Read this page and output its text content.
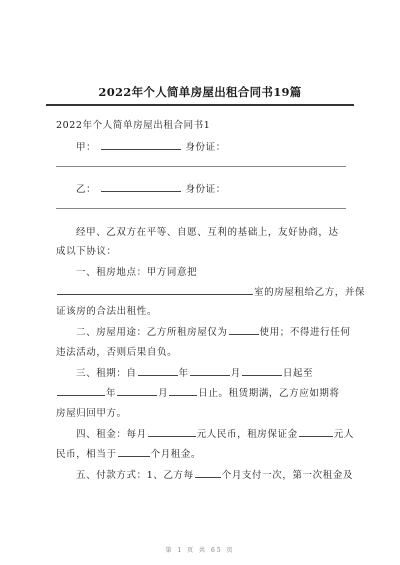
2022年个人简单房屋出租合同书19篇
2022年个人简单房屋出租合同书1
甲：	身份证：
乙：	身份证：
经甲、乙双方在平等、自愿、互利的基础上，友好协商，达
成以下协议：
一、租房地点：甲方同意把
室的房屋租给乙方，并保
证该房的合法出租性。
二、房屋用途：乙方所租房屋仅为	使用；不得进行任何
违法活动，否则后果自负。
三、租期：自	年	月	日起至
年	月	日止。租赁期满，乙方应如期将
房屋归回甲方。
四、租金：每月	元人民币，租房保证金	元人
民币，相当于	个月租金。
五、付款方式：1、乙方每	个月支付一次，第一次租金及
第 1 页 共 65 页
